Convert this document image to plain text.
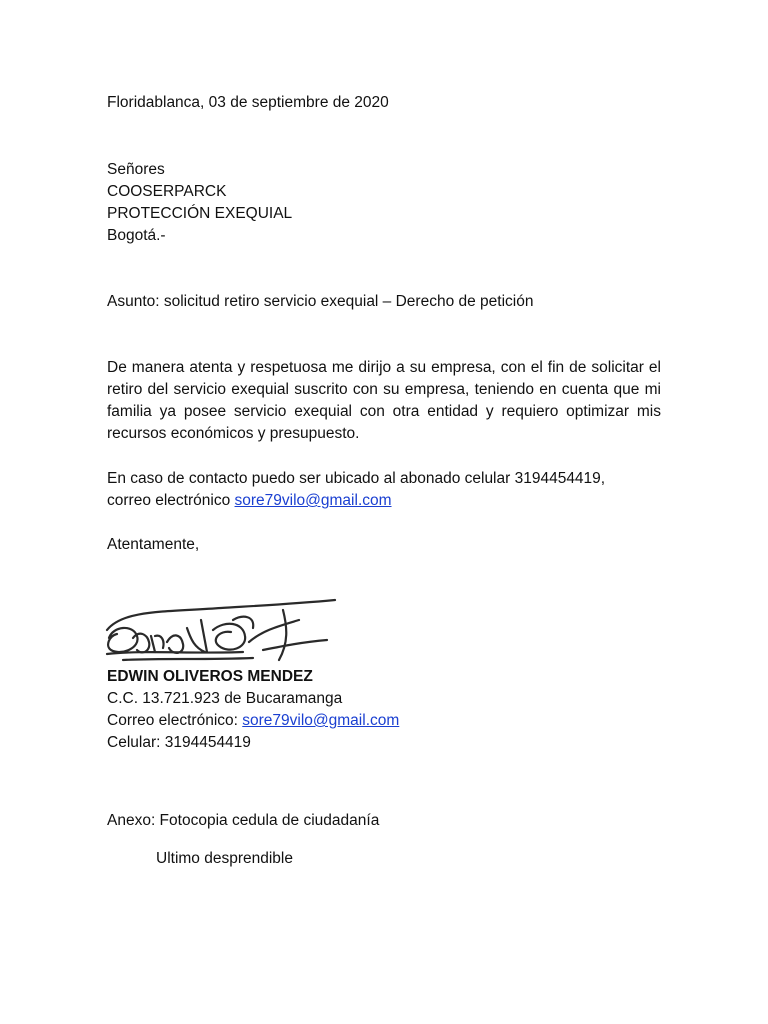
Floridablanca, 03 de septiembre de 2020
Señores
COOSERPARCK
PROTECCIÓN EXEQUIAL
Bogotá.-
Asunto: solicitud retiro servicio exequial – Derecho de petición
De manera atenta y respetuosa me dirijo a su empresa, con el fin de solicitar el retiro del servicio exequial suscrito con su empresa, teniendo en cuenta que mi familia ya posee servicio exequial con otra entidad y requiero optimizar mis recursos económicos y presupuesto.
En caso de contacto puedo ser ubicado al abonado celular 3194454419,
correo electrónico sore79vilo@gmail.com
Atentamente,
EDWIN OLIVEROS MENDEZ
C.C. 13.721.923 de Bucaramanga
Correo electrónico: sore79vilo@gmail.com
Celular: 3194454419
Anexo: Fotocopia cedula de ciudadanía
Ultimo desprendible
